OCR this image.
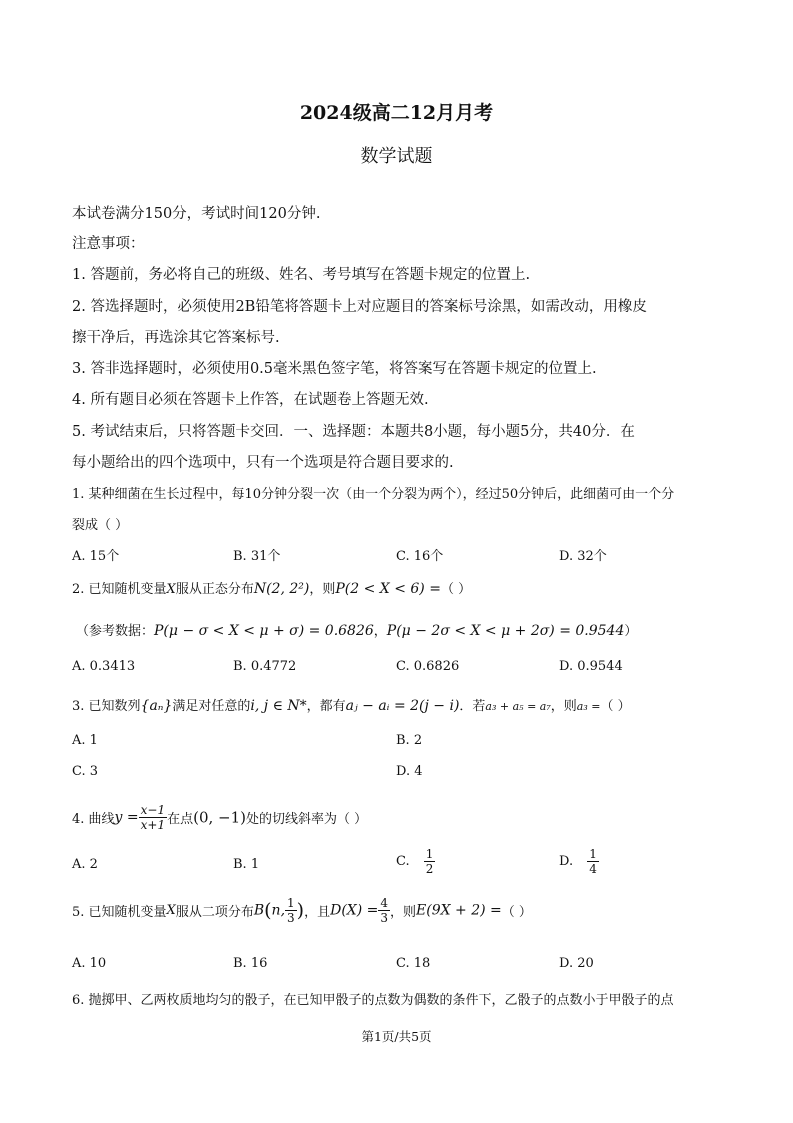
2024级高二12月月考
数学试题
本试卷满分150分，考试时间120分钟.
注意事项：
1. 答题前，务必将自己的班级、姓名、考号填写在答题卡规定的位置上.
2. 答选择题时，必须使用2B铅笔将答题卡上对应题目的答案标号涂黑，如需改动，用橡皮
擦干净后，再选涂其它答案标号.
3. 答非选择题时，必须使用0.5毫米黑色签字笔，将答案写在答题卡规定的位置上.
4. 所有题目必须在答题卡上作答，在试题卷上答题无效.
5. 考试结束后，只将答题卡交回．一、选择题：本题共8小题，每小题5分，共40分．在
每小题给出的四个选项中，只有一个选项是符合题目要求的.
1. 某种细菌在生长过程中，每10分钟分裂一次（由一个分裂为两个），经过50分钟后，此细菌可由一个分
裂成（ ）
A. 15个	B. 31个	C. 16个	D. 32个
2. 已知随机变量X服从正态分布N(2, 2²)，则P(2 < X < 6) =（ ）
（参考数据：P(μ − σ < X < μ + σ) = 0.6826，P(μ − 2σ < X < μ + 2σ) = 0.9544）
A. 0.3413	B. 0.4772	C. 0.6826	D. 0.9544
3. 已知数列{aₙ}满足对任意的i, j ∈ N*，都有aⱼ − aᵢ = 2(j − i)．若a₃ + a₅ = a₇，则a₃ =（ ）
A. 1	B. 2
C. 3	D. 4
4. 曲线$y = \frac{x-1}{x+1}$ 在点(0, −1)处的切线斜率为（ ）
A. 2	B. 1	C. $\frac{1}{2}$	D. $\frac{1}{4}$
5. 已知随机变量X服从二项分布B(n, $\frac{1}{3}$ )，且$D(X) = \frac{4}{3}$ ，则E(9X + 2) =（ ）
A. 10	B. 16	C. 18	D. 20
6. 抛掷甲、乙两枚质地均匀的骰子，在已知甲骰子的点数为偶数的条件下，乙骰子的点数小于甲骰子的点
第1页/共5页
